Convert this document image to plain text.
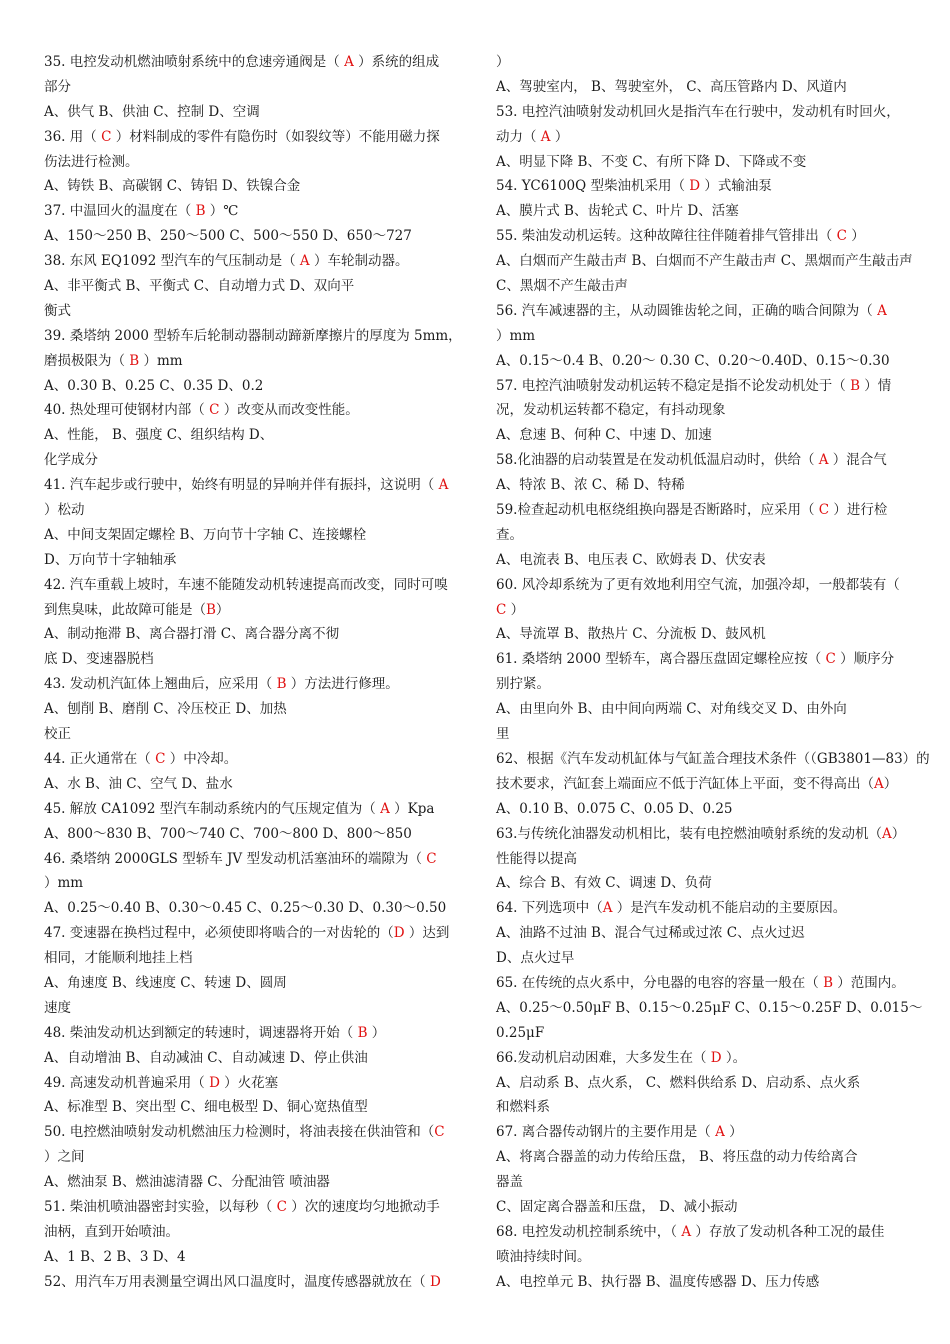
35. 电控发动机燃油喷射系统中的怠速旁通阀是（ A ）系统的组成
部分
A、供气 B、供油 C、控制 D、空调
36. 用（ C ）材料制成的零件有隐伤时（如裂纹等）不能用磁力探
伤法进行检测。
A、铸铁 B、高碳钢 C、铸铝 D、铁镍合金
37. 中温回火的温度在（ B ）℃
A、150～250 B、250～500 C、500～550 D、650～727
38. 东风 EQ1092 型汽车的气压制动是（ A ）车轮制动器。
A、非平衡式 B、平衡式 C、自动增力式 D、双向平
衡式
39. 桑塔纳 2000 型轿车后轮制动器制动蹄新摩擦片的厚度为 5mm，
磨损极限为（ B ）mm
A、0.30 B、0.25 C、0.35 D、0.2
40. 热处理可使钢材内部（ C ）改变从而改变性能。
A、性能， B、强度 C、组织结构 D、
化学成分
41. 汽车起步或行驶中，始终有明显的异响并伴有振抖，这说明（ A
）松动
A、中间支架固定螺栓 B、万向节十字轴 C、连接螺栓
D、万向节十字轴轴承
42. 汽车重载上坡时，车速不能随发动机转速提高而改变，同时可嗅
到焦臭味，此故障可能是（B）
A、制动拖滞 B、离合器打滑 C、离合器分离不彻
底 D、变速器脱档
43. 发动机汽缸体上翘曲后，应采用（ B ）方法进行修理。
A、刨削 B、磨削 C、冷压校正 D、加热
校正
44. 正火通常在（ C ）中冷却。
A、水 B、油 C、空气 D、盐水
45. 解放 CA1092 型汽车制动系统内的气压规定值为（ A ）Kpa
A、800～830 B、700～740 C、700～800 D、800～850
46. 桑塔纳 2000GLS 型轿车 JV 型发动机活塞油环的端隙为（ C
）mm
A、0.25～0.40 B、0.30～0.45 C、0.25～0.30 D、0.30～0.50
47. 变速器在换档过程中，必须使即将啮合的一对齿轮的（D ）达到
相同，才能顺利地挂上档
A、角速度 B、线速度 C、转速 D、圆周
速度
48. 柴油发动机达到额定的转速时，调速器将开始（ B ）
A、自动增油 B、自动减油 C、自动减速 D、停止供油
49. 高速发动机普遍采用（ D ）火花塞
A、标准型 B、突出型 C、细电极型 D、铜心宽热值型
50. 电控燃油喷射发动机燃油压力检测时，将油表接在供油管和（C
）之间
A、燃油泵 B、燃油滤清器 C、分配油管 喷油器
51. 柴油机喷油器密封实验，以每秒（ C ）次的速度均匀地掀动手
油柄，直到开始喷油。
A、1 B、2 B、3 D、4
52、用汽车万用表测量空调出风口温度时，温度传感器就放在（ D
）
A、驾驶室内， B、驾驶室外， C、高压管路内 D、风道内
53. 电控汽油喷射发动机回火是指汽车在行驶中，发动机有时回火，
动力（ A ）
A、明显下降 B、不变 C、有所下降 D、下降或不变
54. YC6100Q 型柴油机采用（ D ）式输油泵
A、膜片式 B、齿轮式 C、叶片 D、活塞
55. 柴油发动机运转。这种故障往往伴随着排气管排出（ C ）
A、白烟而产生敲击声 B、白烟而不产生敲击声 C、黑烟而产生敲击声
C、黑烟不产生敲击声
56. 汽车减速器的主，从动圆锥齿轮之间，正确的啮合间隙为（ A
）mm
A、0.15～0.4 B、0.20～ 0.30 C、0.20～0.40D、0.15～0.30
57. 电控汽油喷射发动机运转不稳定是指不论发动机处于（ B ）情
况，发动机运转都不稳定，有抖动现象
A、怠速 B、何种 C、中速 D、加速
58.化油器的启动装置是在发动机低温启动时，供给（ A ）混合气
A、特浓 B、浓 C、稀 D、特稀
59.检查起动机电枢绕组换向器是否断路时，应采用（ C ）进行检
查。
A、电流表 B、电压表 C、欧姆表 D、伏安表
60. 风冷却系统为了更有效地利用空气流，加强冷却，一般都装有（
C ）
A、导流罩 B、散热片 C、分流板 D、鼓风机
61. 桑塔纳 2000 型轿车，离合器压盘固定螺栓应按（ C ）顺序分
别拧紧。
A、由里向外 B、由中间向两端 C、对角线交叉 D、由外向
里
62、根据《汽车发动机缸体与气缸盖合理技术条件（（GB3801—83）的
技术要求，汽缸套上端面应不低于汽缸体上平面，变不得高出（A）
A、0.10 B、0.075 C、0.05 D、0.25
63.与传统化油器发动机相比，装有电控燃油喷射系统的发动机（A）
性能得以提高
A、综合 B、有效 C、调速 D、负荷
64. 下列选项中（A ）是汽车发动机不能启动的主要原因。
A、油路不过油 B、混合气过稀或过浓 C、点火过迟
D、点火过早
65. 在传统的点火系中，分电器的电容的容量一般在（ B ）范围内。
A、0.25～0.50μF B、0.15～0.25μF C、0.15～0.25F D、0.015～
0.25μF
66.发动机启动困难，大多发生在（ D ）。
A、启动系 B、点火系， C、燃料供给系 D、启动系、点火系
和燃料系
67. 离合器传动钢片的主要作用是（ A ）
A、将离合器盖的动力传给压盘， B、将压盘的动力传给离合
器盖
C、固定离合器盖和压盘， D、减小振动
68. 电控发动机控制系统中，（ A ）存放了发动机各种工况的最佳
喷油持续时间。
A、电控单元 B、执行器 B、温度传感器 D、压力传感
